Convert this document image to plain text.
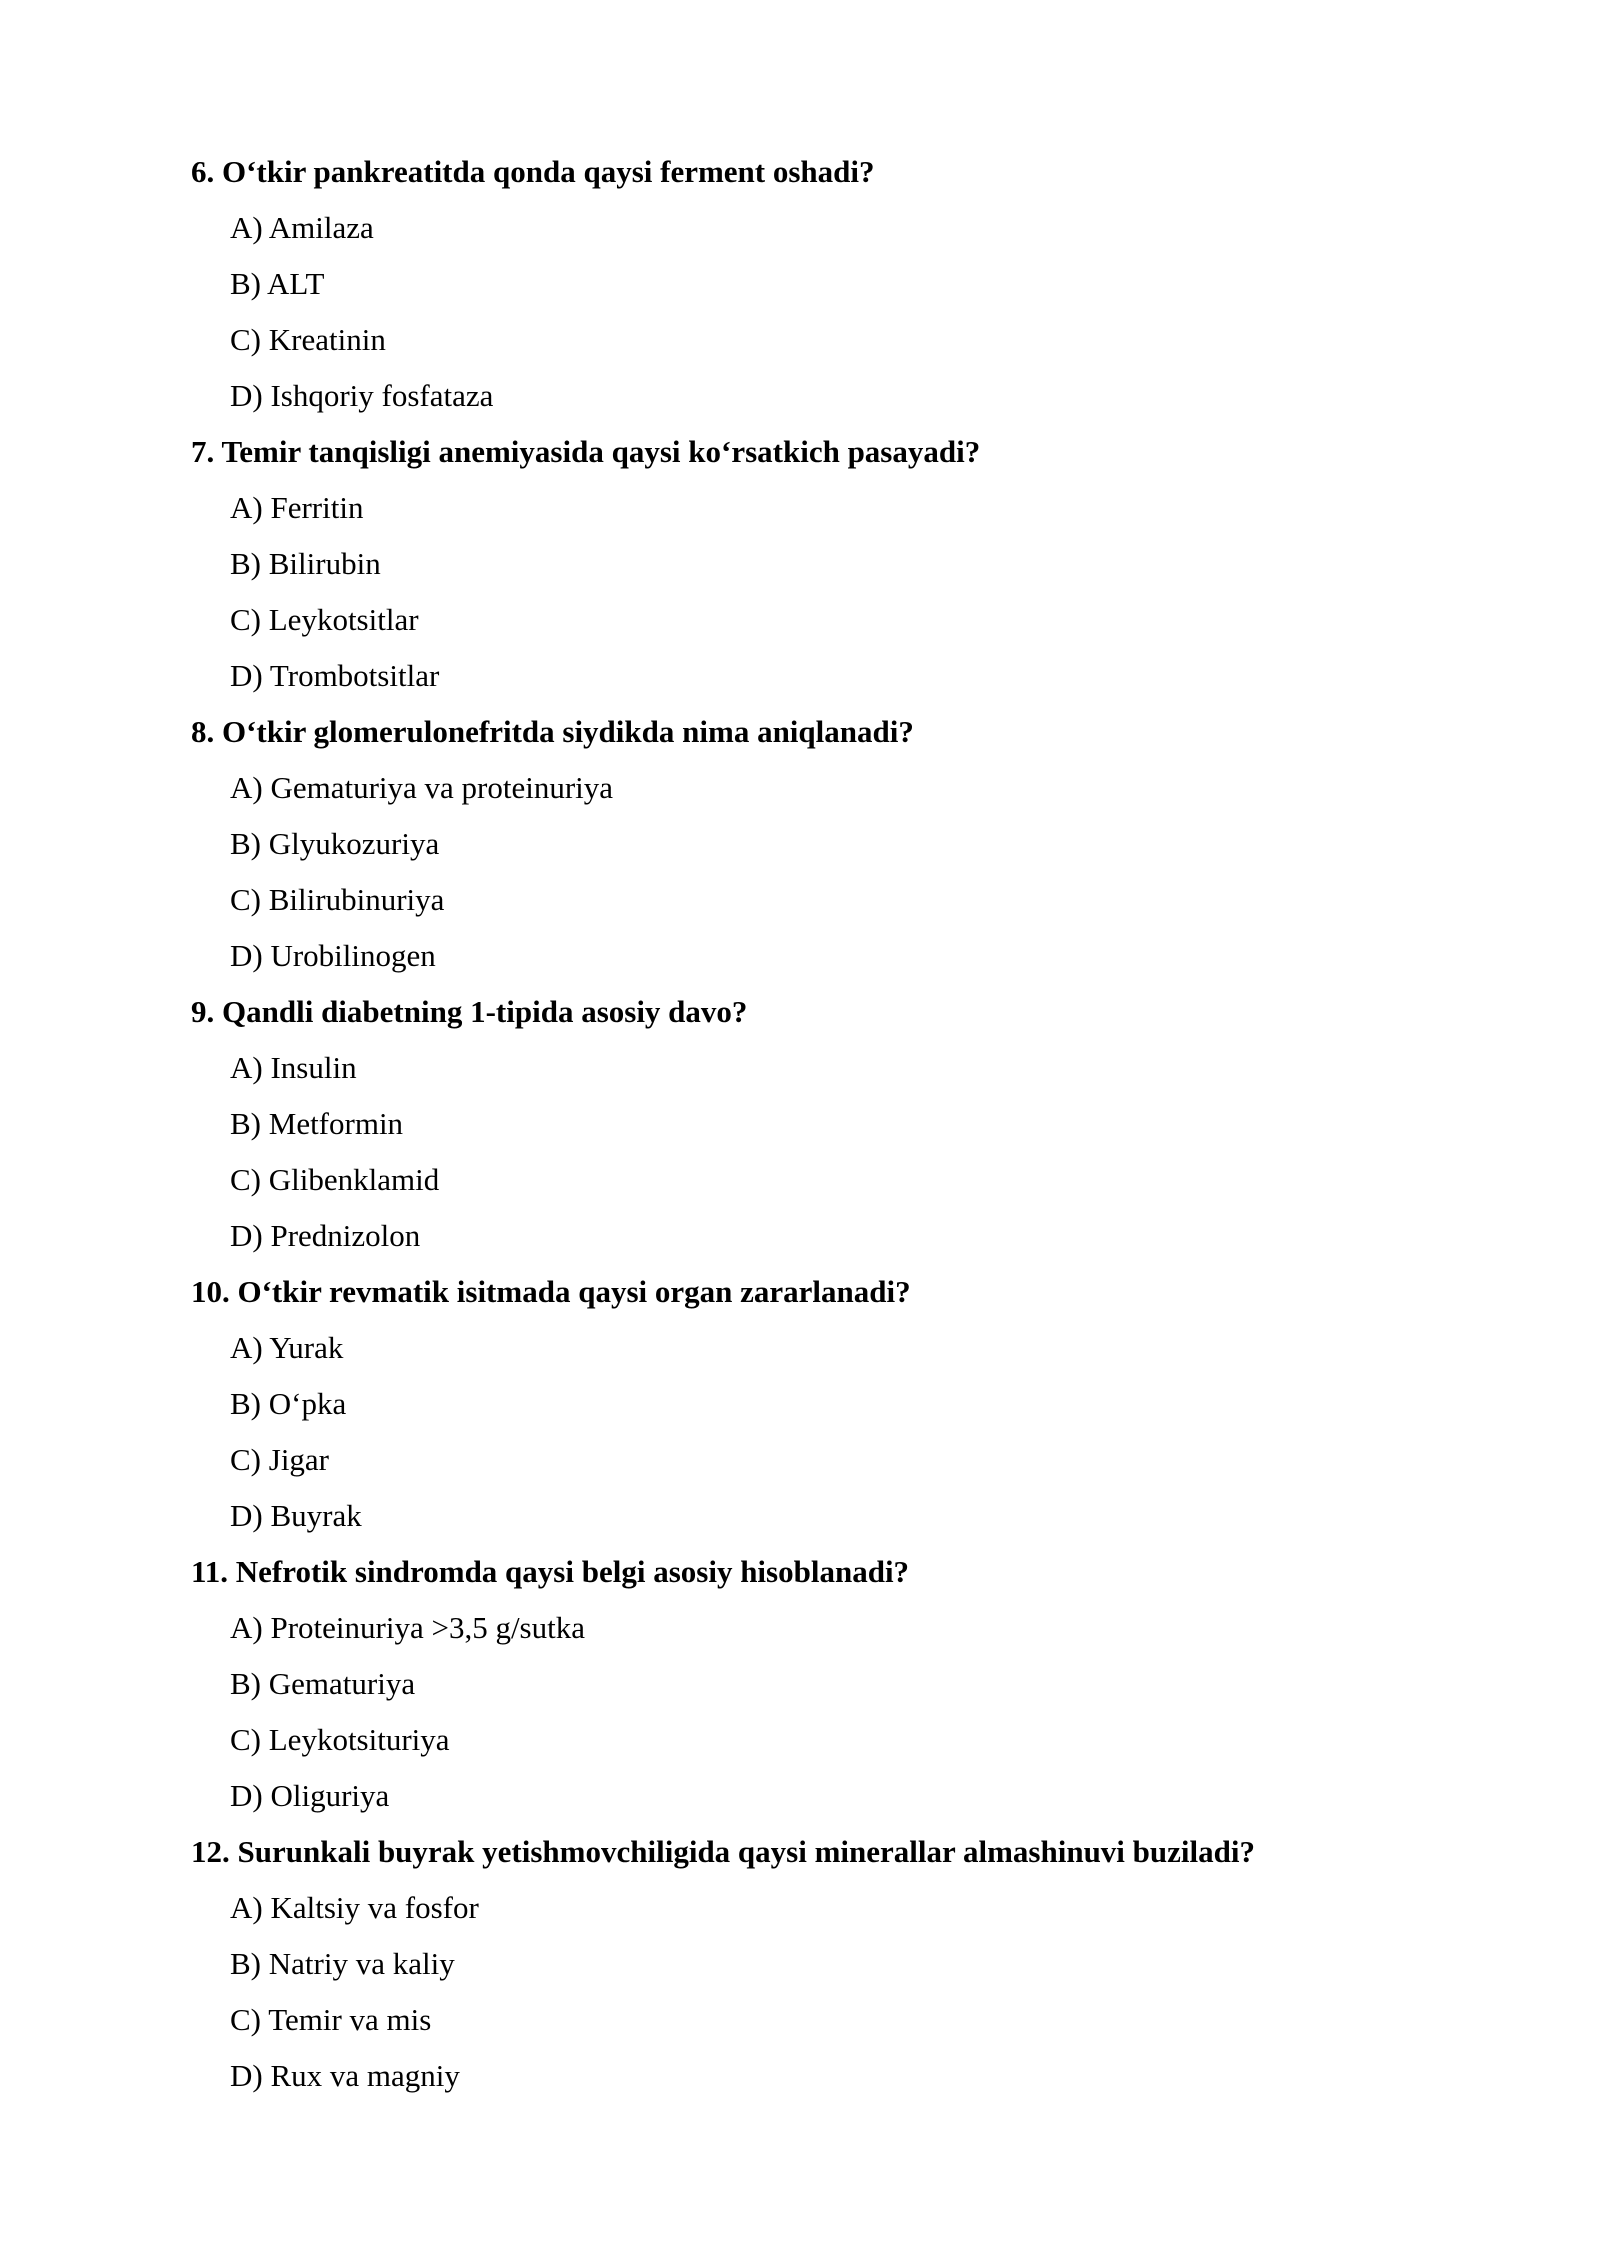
6. O‘tkir pankreatitda qonda qaysi ferment oshadi?
A) Amilaza
B) ALT
C) Kreatinin
D) Ishqoriy fosfataza
7. Temir tanqisligi anemiyasida qaysi ko‘rsatkich pasayadi?
A) Ferritin
B) Bilirubin
C) Leykotsitlar
D) Trombotsitlar
8. O‘tkir glomerulonefritda siydikda nima aniqlanadi?
A) Gematuriya va proteinuriya
B) Glyukozuriya
C) Bilirubinuriya
D) Urobilinogen
9. Qandli diabetning 1-tipida asosiy davo?
A) Insulin
B) Metformin
C) Glibenklamid
D) Prednizolon
10. O‘tkir revmatik isitmada qaysi organ zararlanadi?
A) Yurak
B) O‘pka
C) Jigar
D) Buyrak
11. Nefrotik sindromda qaysi belgi asosiy hisoblanadi?
A) Proteinuriya >3,5 g/sutka
B) Gematuriya
C) Leykotsituriya
D) Oliguriya
12. Surunkali buyrak yetishmovchiligida qaysi minerallar almashinuvi buziladi?
A) Kaltsiy va fosfor
B) Natriy va kaliy
C) Temir va mis
D) Rux va magniy
